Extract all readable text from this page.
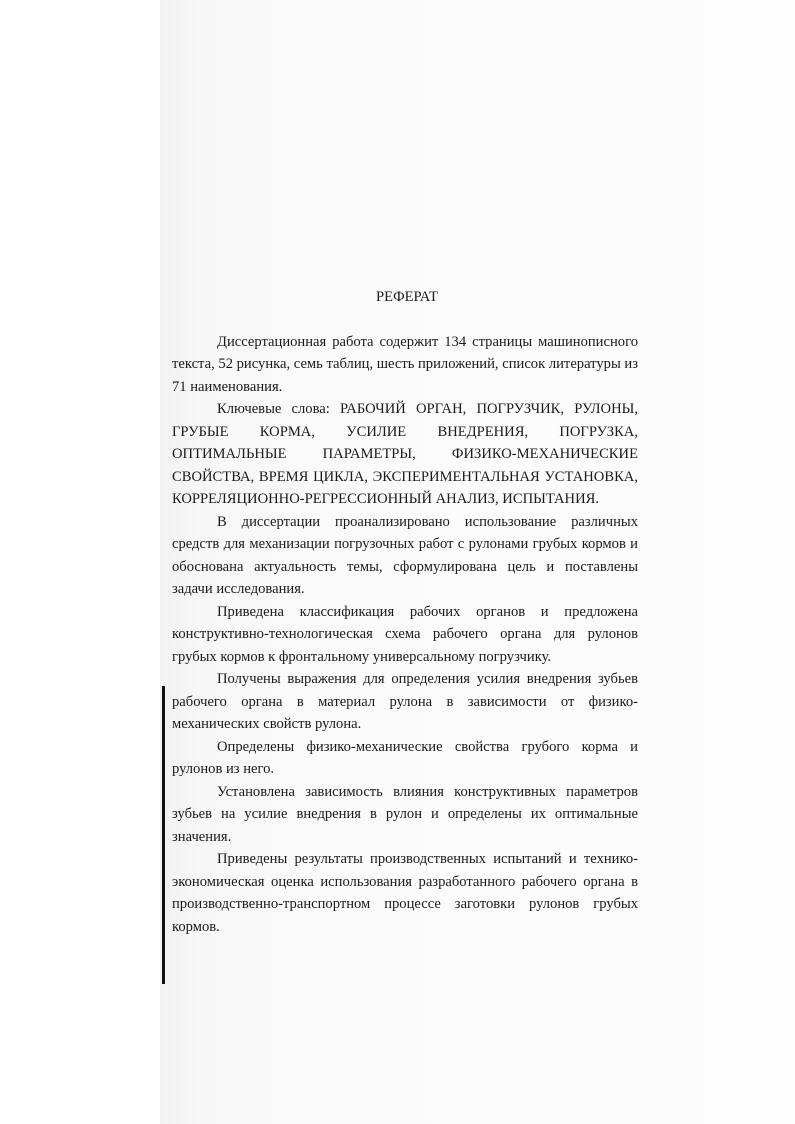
РЕФЕРАТ

Диссертационная работа содержит 134 страницы машинописного текста, 52 рисунка, семь таблиц, шесть приложений, список литературы из 71 наименования.

Ключевые слова: РАБОЧИЙ ОРГАН, ПОГРУЗЧИК, РУЛОНЫ, ГРУБЫЕ КОРМА, УСИЛИЕ ВНЕДРЕНИЯ, ПОГРУЗКА, ОПТИМАЛЬНЫЕ ПАРАМЕТРЫ, ФИЗИКО-МЕХАНИЧЕСКИЕ СВОЙСТВА, ВРЕМЯ ЦИКЛА, ЭКСПЕРИМЕНТАЛЬНАЯ УСТАНОВКА, КОРРЕЛЯЦИОННО-РЕГРЕССИОННЫЙ АНАЛИЗ, ИСПЫТАНИЯ.

В диссертации проанализировано использование различных средств для механизации погрузочных работ с рулонами грубых кормов и обоснована актуальность темы, сформулирована цель и поставлены задачи исследования.

Приведена классификация рабочих органов и предложена конструктивно-технологическая схема рабочего органа для рулонов грубых кормов к фронтальному универсальному погрузчику.

Получены выражения для определения усилия внедрения зубьев рабочего органа в материал рулона в зависимости от физико-механических свойств рулона.

Определены физико-механические свойства грубого корма и рулонов из него.

Установлена зависимость влияния конструктивных параметров зубьев на усилие внедрения в рулон и определены их оптимальные значения.

Приведены результаты производственных испытаний и технико-экономическая оценка использования разработанного рабочего органа в производственно-транспортном процессе заготовки рулонов грубых кормов.
